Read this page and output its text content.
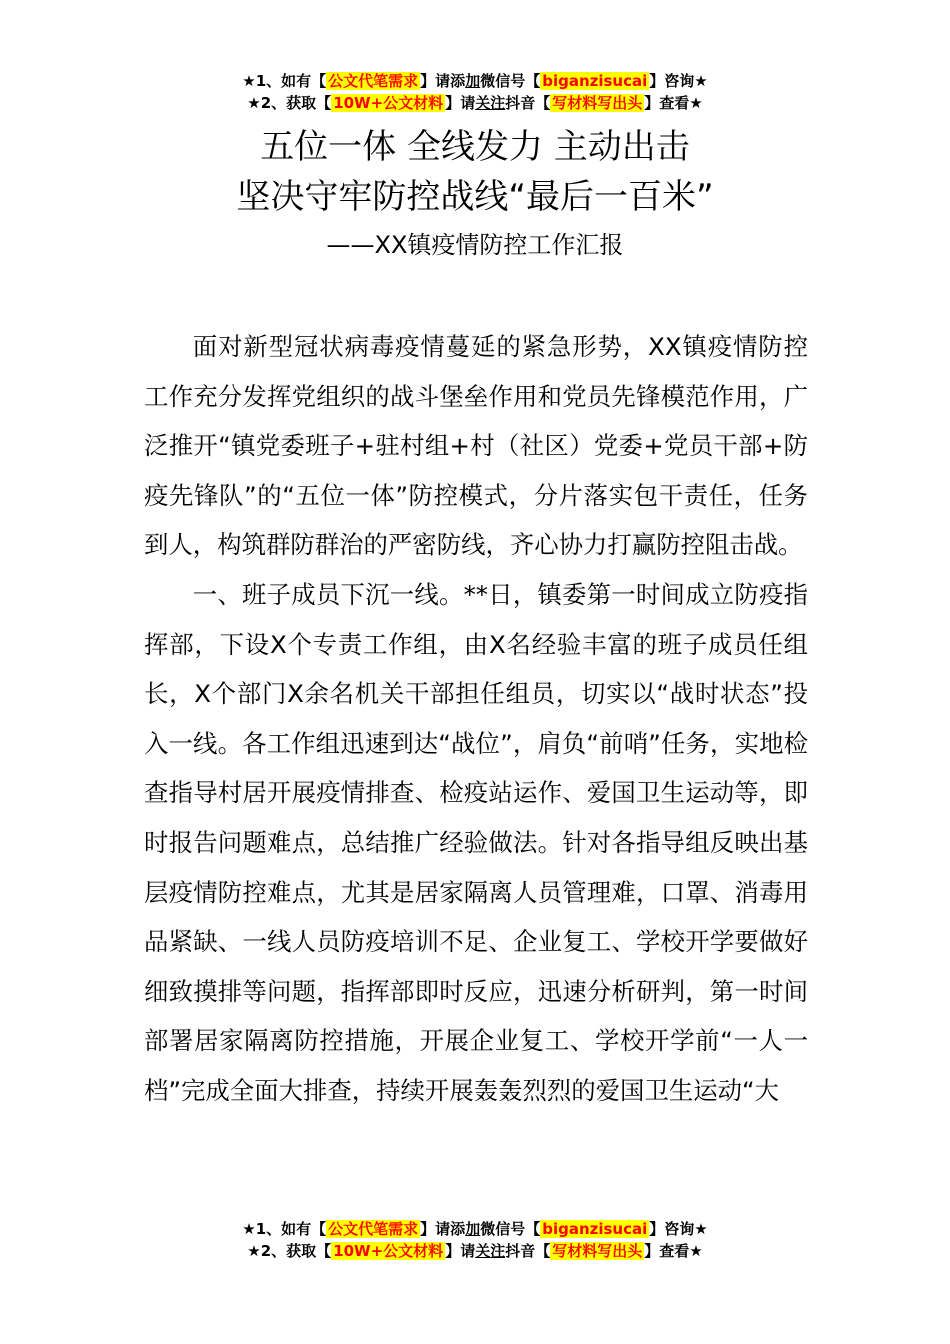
★1、如有【 公文代笔需求 】请添加微信号【 biganzisucai 】咨询★
★2、获取【 10W+公文材料 】请关注抖音【 写材料写出头 】查看★
五位一体 全线发力 主动出击
坚决守牢防控战线“最后一百米”
——XX镇疫情防控工作汇报

面对新型冠状病毒疫情蔓延的紧急形势，XX镇疫情防控工作充分发挥党组织的战斗堡垒作用和党员先锋模范作用，广泛推开“镇党委班子+驻村组+村（社区）党委+党员干部+防疫先锋队”的“五位一体”防控模式，分片落实包干责任，任务到人，构筑群防群治的严密防线，齐心协力打赢防控阻击战。

一、班子成员下沉一线。**日，镇委第一时间成立防疫指挥部，下设X个专责工作组，由X名经验丰富的班子成员任组长，X个部门X余名机关干部担任组员，切实以“战时状态”投入一线。各工作组迅速到达“战位”，肩负“前哨”任务，实地检查指导村居开展疫情排查、检疫站运作、爱国卫生运动等，即时报告问题难点，总结推广经验做法。针对各指导组反映出基层疫情防控难点，尤其是居家隔离人员管理难，口罩、消毒用品紧缺、一线人员防疫培训不足、企业复工、学校开学要做好细致摸排等问题，指挥部即时反应，迅速分析研判，第一时间部署居家隔离防控措施，开展企业复工、学校开学前“一人一档”完成全面大排查，持续开展轰轰烈烈的爱国卫生运动“大

★1、如有【 公文代笔需求 】请添加微信号【 biganzisucai 】咨询★
★2、获取【 10W+公文材料 】请关注抖音【 写材料写出头 】查看★
